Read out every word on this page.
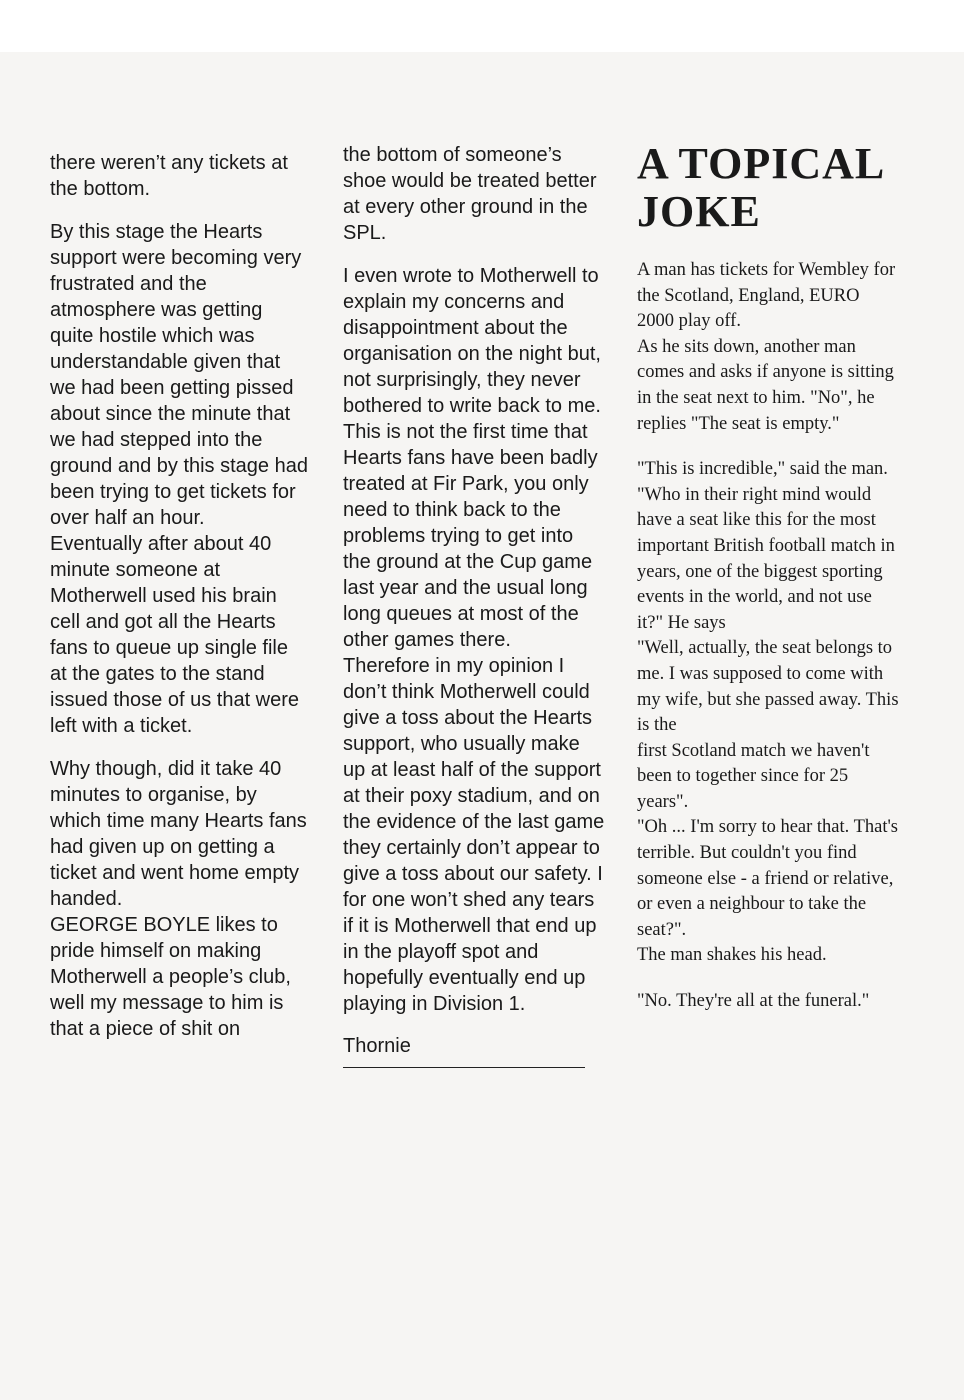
there weren’t any tickets at the bottom.

By this stage the Hearts support were becoming very frustrated and the atmosphere was getting quite hostile which was understandable given that we had been getting pissed about since the minute that we had stepped into the ground and by this stage had been trying to get tickets for over half an hour.

Eventually after about 40 minute someone at Motherwell used his brain cell and got all the Hearts fans to queue up single file at the gates to the stand issued those of us that were left with a ticket.

Why though, did it take 40 minutes to organise, by which time many Hearts fans had given up on getting a ticket and went home empty handed.

GEORGE BOYLE likes to pride himself on making Motherwell a people’s club, well my message to him is that a piece of shit on

the bottom of someone’s shoe would be treated better at every other ground in the SPL.

I even wrote to Motherwell to explain my concerns and disappointment about the organisation on the night but, not surprisingly, they never bothered to write back to me. This is not the first time that Hearts fans have been badly treated at Fir Park, you only need to think back to the problems trying to get into the ground at the Cup game last year and the usual long long queues at most of the other games there.

Therefore in my opinion I don’t think Motherwell could give a toss about the Hearts support, who usually make up at least half of the support at their poxy stadium, and on the evidence of the last game they certainly don’t appear to give a toss about our safety. I for one won’t shed any tears if it is Motherwell that end up in the playoff spot and hopefully eventually end up playing in Division 1.

Thornie

A TOPICAL
JOKE

A man has tickets for Wembley for the Scotland, England, EURO 2000 play off.

As he sits down, another man comes and asks if anyone is sitting in the seat next to him. "No", he replies "The seat is empty."

"This is incredible," said the man. "Who in their right mind would have a seat like this for the most important British football match in years, one of the biggest sporting events in the world, and not use it?" He says

"Well, actually, the seat belongs to me. I was supposed to come with my wife, but she passed away. This is the

first Scotland match we haven't been to together since for 25 years".

"Oh ... I'm sorry to hear that. That's terrible. But couldn't you find someone else - a friend or relative, or even a neighbour to take the seat?".

The man shakes his head.

"No. They're all at the funeral."
